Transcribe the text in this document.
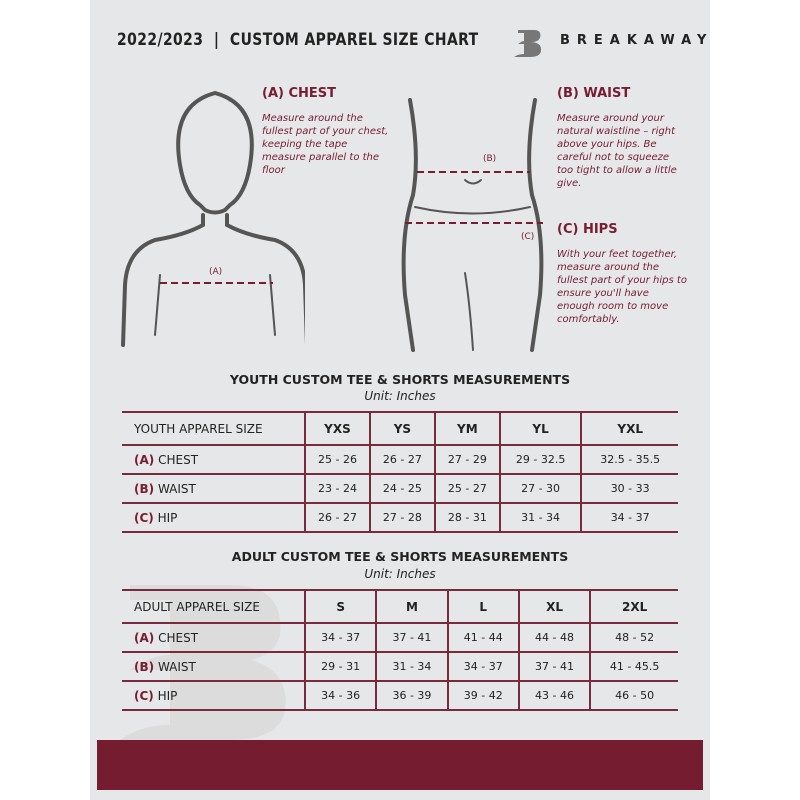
2022/2023  |  CUSTOM APPAREL SIZE CHART	BREAKAWAY
(A)
(B)
(C)
(A) CHEST
Measure around the fullest part of your chest, keeping the tape measure parallel to the floor
(B) WAIST
Measure around your natural waistline – right above your hips. Be careful not to squeeze too tight to allow a little give.
(C) HIPS
With your feet together, measure around the fullest part of your hips to ensure you'll have enough room to move comfortably.
YOUTH CUSTOM TEE & SHORTS MEASUREMENTS
Unit: Inches
YOUTH APPAREL SIZE	YXS	YS	YM	YL	YXL
(A) CHEST	25 - 26	26 - 27	27 - 29	29 - 32.5	32.5 - 35.5
(B) WAIST	23 - 24	24 - 25	25 - 27	27 - 30	30 - 33
(C) HIP	26 - 27	27 - 28	28 - 31	31 - 34	34 - 37
ADULT CUSTOM TEE & SHORTS MEASUREMENTS
Unit: Inches
ADULT APPAREL SIZE	S	M	L	XL	2XL
(A) CHEST	34 - 37	37 - 41	41 - 44	44 - 48	48 - 52
(B) WAIST	29 - 31	31 - 34	34 - 37	37 - 41	41 - 45.5
(C) HIP	34 - 36	36 - 39	39 - 42	43 - 46	46 - 50
